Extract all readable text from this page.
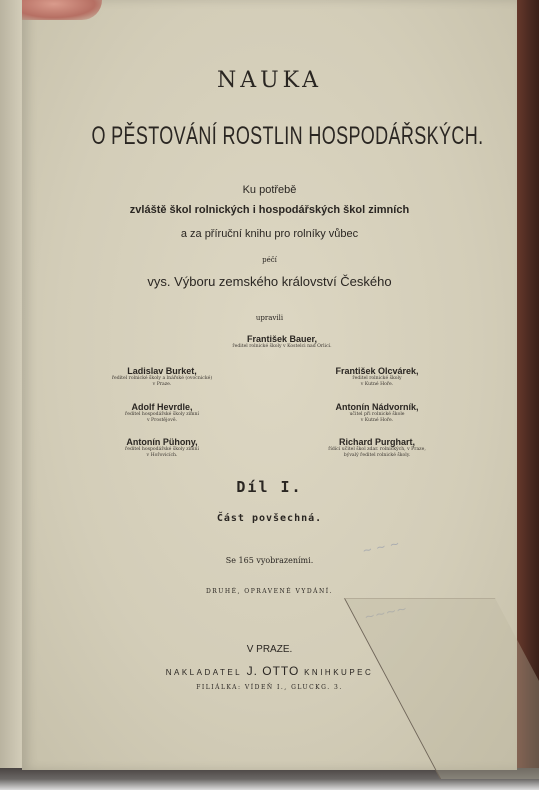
NAUKA
O PĚSTOVÁNÍ ROSTLIN HOSPODÁŘSKÝCH.
Ku potřebě
zvláště škol rolnických i hospodářských škol zimních
a za příruční knihu pro rolníky vůbec
péčí
vys. Výboru zemského království Českého
upravili
František Bauer,
ředitel rolnické školy v Kostelci nad Orlicí.
Ladislav Burket,
ředitel rolnické školy a lnářské (ovocnické)
v Praze.
Adolf Hevrdle,
ředitel hospodářské školy zimní
v Prostějově.
Antonín Pühony,
ředitel hospodářské školy zimní
v Hořovicích.
František Olcvárek,
ředitel rolnické školy
v Kutné Hoře.
Antonín Nádvorník,
učitel při rolnické škole
v Kutné Hoře.
Richard Purghart,
řídící učitel škol zdar. rolnických, v Praze,
bývalý ředitel rolnické školy.
Díl I.
Část povšechná.
Se 165 vyobrazeními.
DRUHÉ, OPRAVENÉ VYDÁNÍ.
~ ~ ~
~~~~
V PRAZE.
NAKLADATEL J. OTTO KNIHKUPEC
FILIÁLKA: VÍDEŇ I., GLUCKG. 3.
